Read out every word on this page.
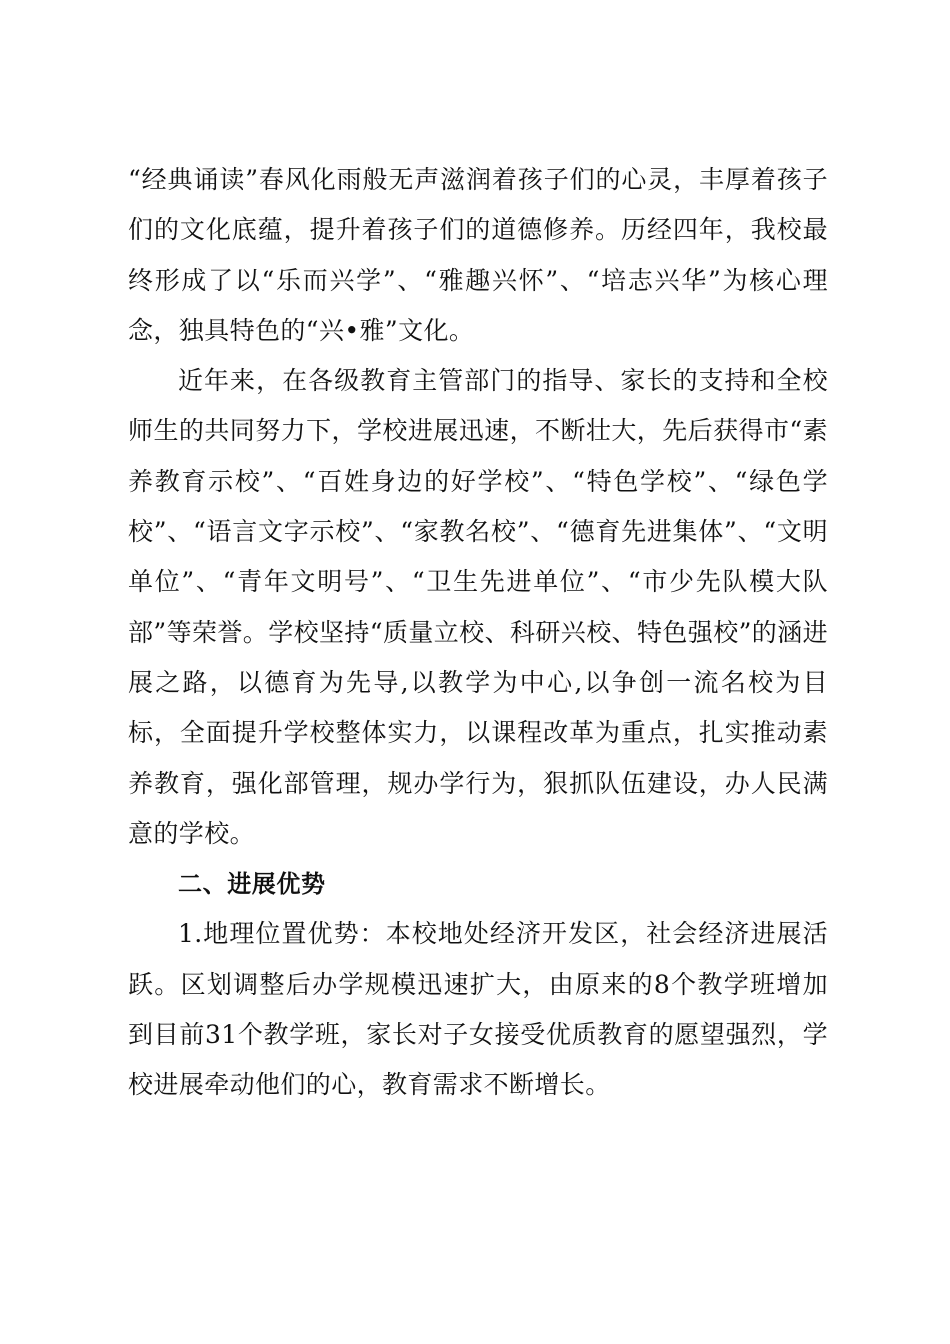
“经典诵读”春风化雨般无声滋润着孩子们的心灵，丰厚着孩子们的文化底蕴，提升着孩子们的道德修养。历经四年，我校最终形成了以“乐而兴学”、“雅趣兴怀”、“培志兴华”为核心理念，独具特色的“兴•雅”文化。

近年来，在各级教育主管部门的指导、家长的支持和全校师生的共同努力下，学校进展迅速，不断壮大，先后获得市“素养教育示校”、“百姓身边的好学校”、“特色学校”、“绿色学校”、“语言文字示校”、“家教名校”、“德育先进集体”、“文明单位”、“青年文明号”、“卫生先进单位”、“市少先队模大队部”等荣誉。学校坚持“质量立校、科研兴校、特色强校”的涵进展之路，以德育为先导,以教学为中心,以争创一流名校为目标，全面提升学校整体实力，以课程改革为重点，扎实推动素养教育，强化部管理，规办学行为，狠抓队伍建设，办人民满意的学校。

二、进展优势

1.地理位置优势：本校地处经济开发区，社会经济进展活跃。区划调整后办学规模迅速扩大，由原来的8个教学班增加到目前31个教学班，家长对子女接受优质教育的愿望强烈，学校进展牵动他们的心，教育需求不断增长。
